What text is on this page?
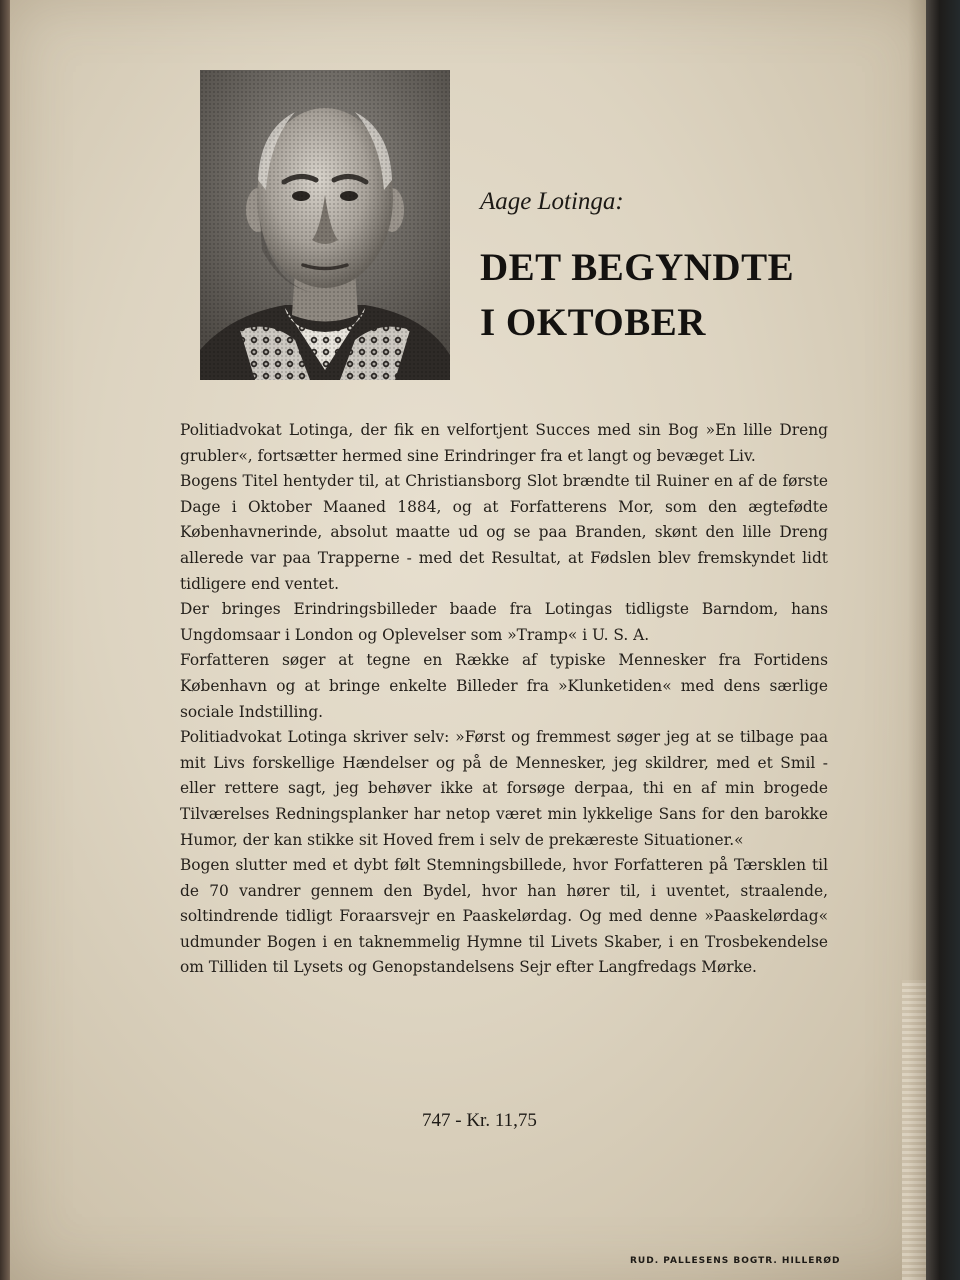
Aage Lotinga:
DET BEGYNDTE
I OKTOBER

Politiadvokat Lotinga, der fik en velfortjent Succes med sin Bog »En lille Dreng grubler«, fortsætter hermed sine Erindringer fra et langt og bevæget Liv.

Bogens Titel hentyder til, at Christiansborg Slot brændte til Ruiner en af de første Dage i Oktober Maaned 1884, og at Forfatterens Mor, som den ægtefødte Københavnerinde, absolut maatte ud og se paa Branden, skønt den lille Dreng allerede var paa Trapperne - med det Resultat, at Fødslen blev fremskyndet lidt tidligere end ventet.

Der bringes Erindringsbilleder baade fra Lotingas tidligste Barndom, hans Ungdomsaar i London og Oplevelser som »Tramp« i U. S. A.

Forfatteren søger at tegne en Række af typiske Mennesker fra Fortidens København og at bringe enkelte Billeder fra »Klunketiden« med dens særlige sociale Indstilling.

Politiadvokat Lotinga skriver selv: »Først og fremmest søger jeg at se tilbage paa mit Livs forskellige Hændelser og på de Mennesker, jeg skildrer, med et Smil - eller rettere sagt, jeg behøver ikke at forsøge derpaa, thi en af min brogede Tilværelses Redningsplanker har netop været min lykkelige Sans for den barokke Humor, der kan stikke sit Hoved frem i selv de prekæreste Situationer.«

Bogen slutter med et dybt følt Stemningsbillede, hvor Forfatteren på Tærsklen til de 70 vandrer gennem den Bydel, hvor han hører til, i uventet, straalende, soltindrende tidligt Foraarsvejr en Paaskelørdag. Og med denne »Paaskelørdag« udmunder Bogen i en taknemmelig Hymne til Livets Skaber, i en Trosbekendelse om Tilliden til Lysets og Genopstandelsens Sejr efter Langfredags Mørke.

747 - Kr. 11,75

RUD. PALLESENS BOGTR. HILLERØD
